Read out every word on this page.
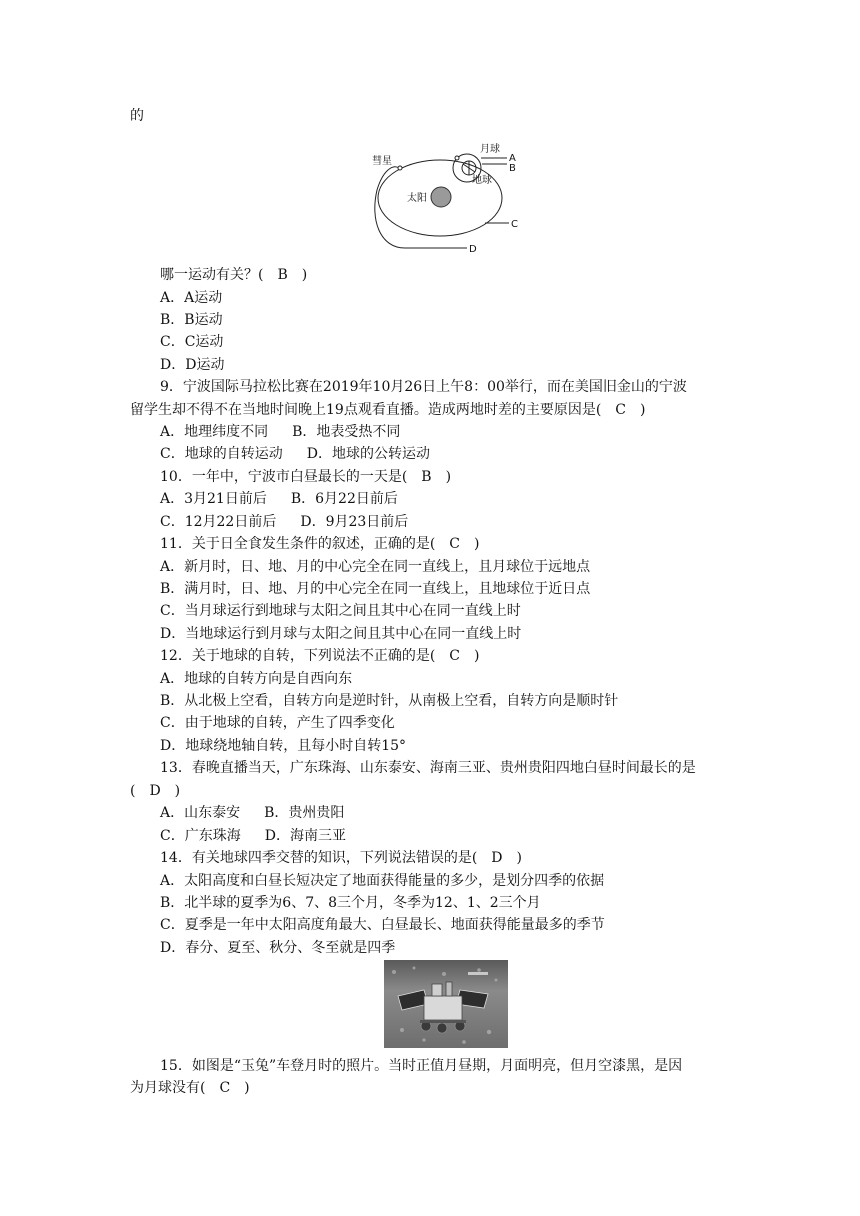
的
彗星
月球
地球
太阳
A
B
C
D
哪一运动有关？(　B　)
A．A运动
B．B运动
C．C运动
D．D运动
9．宁波国际马拉松比赛在2019年10月26日上午8：00举行，而在美国旧金山的宁波
留学生却不得不在当地时间晚上19点观看直播。造成两地时差的主要原因是(　C　)
A．地理纬度不同 B．地表受热不同
C．地球的自转运动 D．地球的公转运动
10．一年中，宁波市白昼最长的一天是(　B　)
A．3月21日前后 B．6月22日前后
C．12月22日前后 D．9月23日前后
11．关于日全食发生条件的叙述，正确的是(　C　)
A．新月时，日、地、月的中心完全在同一直线上，且月球位于远地点
B．满月时，日、地、月的中心完全在同一直线上，且地球位于近日点
C．当月球运行到地球与太阳之间且其中心在同一直线上时
D．当地球运行到月球与太阳之间且其中心在同一直线上时
12．关于地球的自转，下列说法不正确的是(　C　)
A．地球的自转方向是自西向东
B．从北极上空看，自转方向是逆时针，从南极上空看，自转方向是顺时针
C．由于地球的自转，产生了四季变化
D．地球绕地轴自转，且每小时自转15°
13．春晚直播当天，广东珠海、山东泰安、海南三亚、贵州贵阳四地白昼时间最长的是
(　D　)
A．山东泰安 B．贵州贵阳
C．广东珠海 D．海南三亚
14．有关地球四季交替的知识，下列说法错误的是(　D　)
A．太阳高度和白昼长短决定了地面获得能量的多少，是划分四季的依据
B．北半球的夏季为6、7、8三个月，冬季为12、1、2三个月
C．夏季是一年中太阳高度角最大、白昼最长、地面获得能量最多的季节
D．春分、夏至、秋分、冬至就是四季
15．如图是“玉兔”车登月时的照片。当时正值月昼期，月面明亮，但月空漆黑，是因
为月球没有(　C　)
